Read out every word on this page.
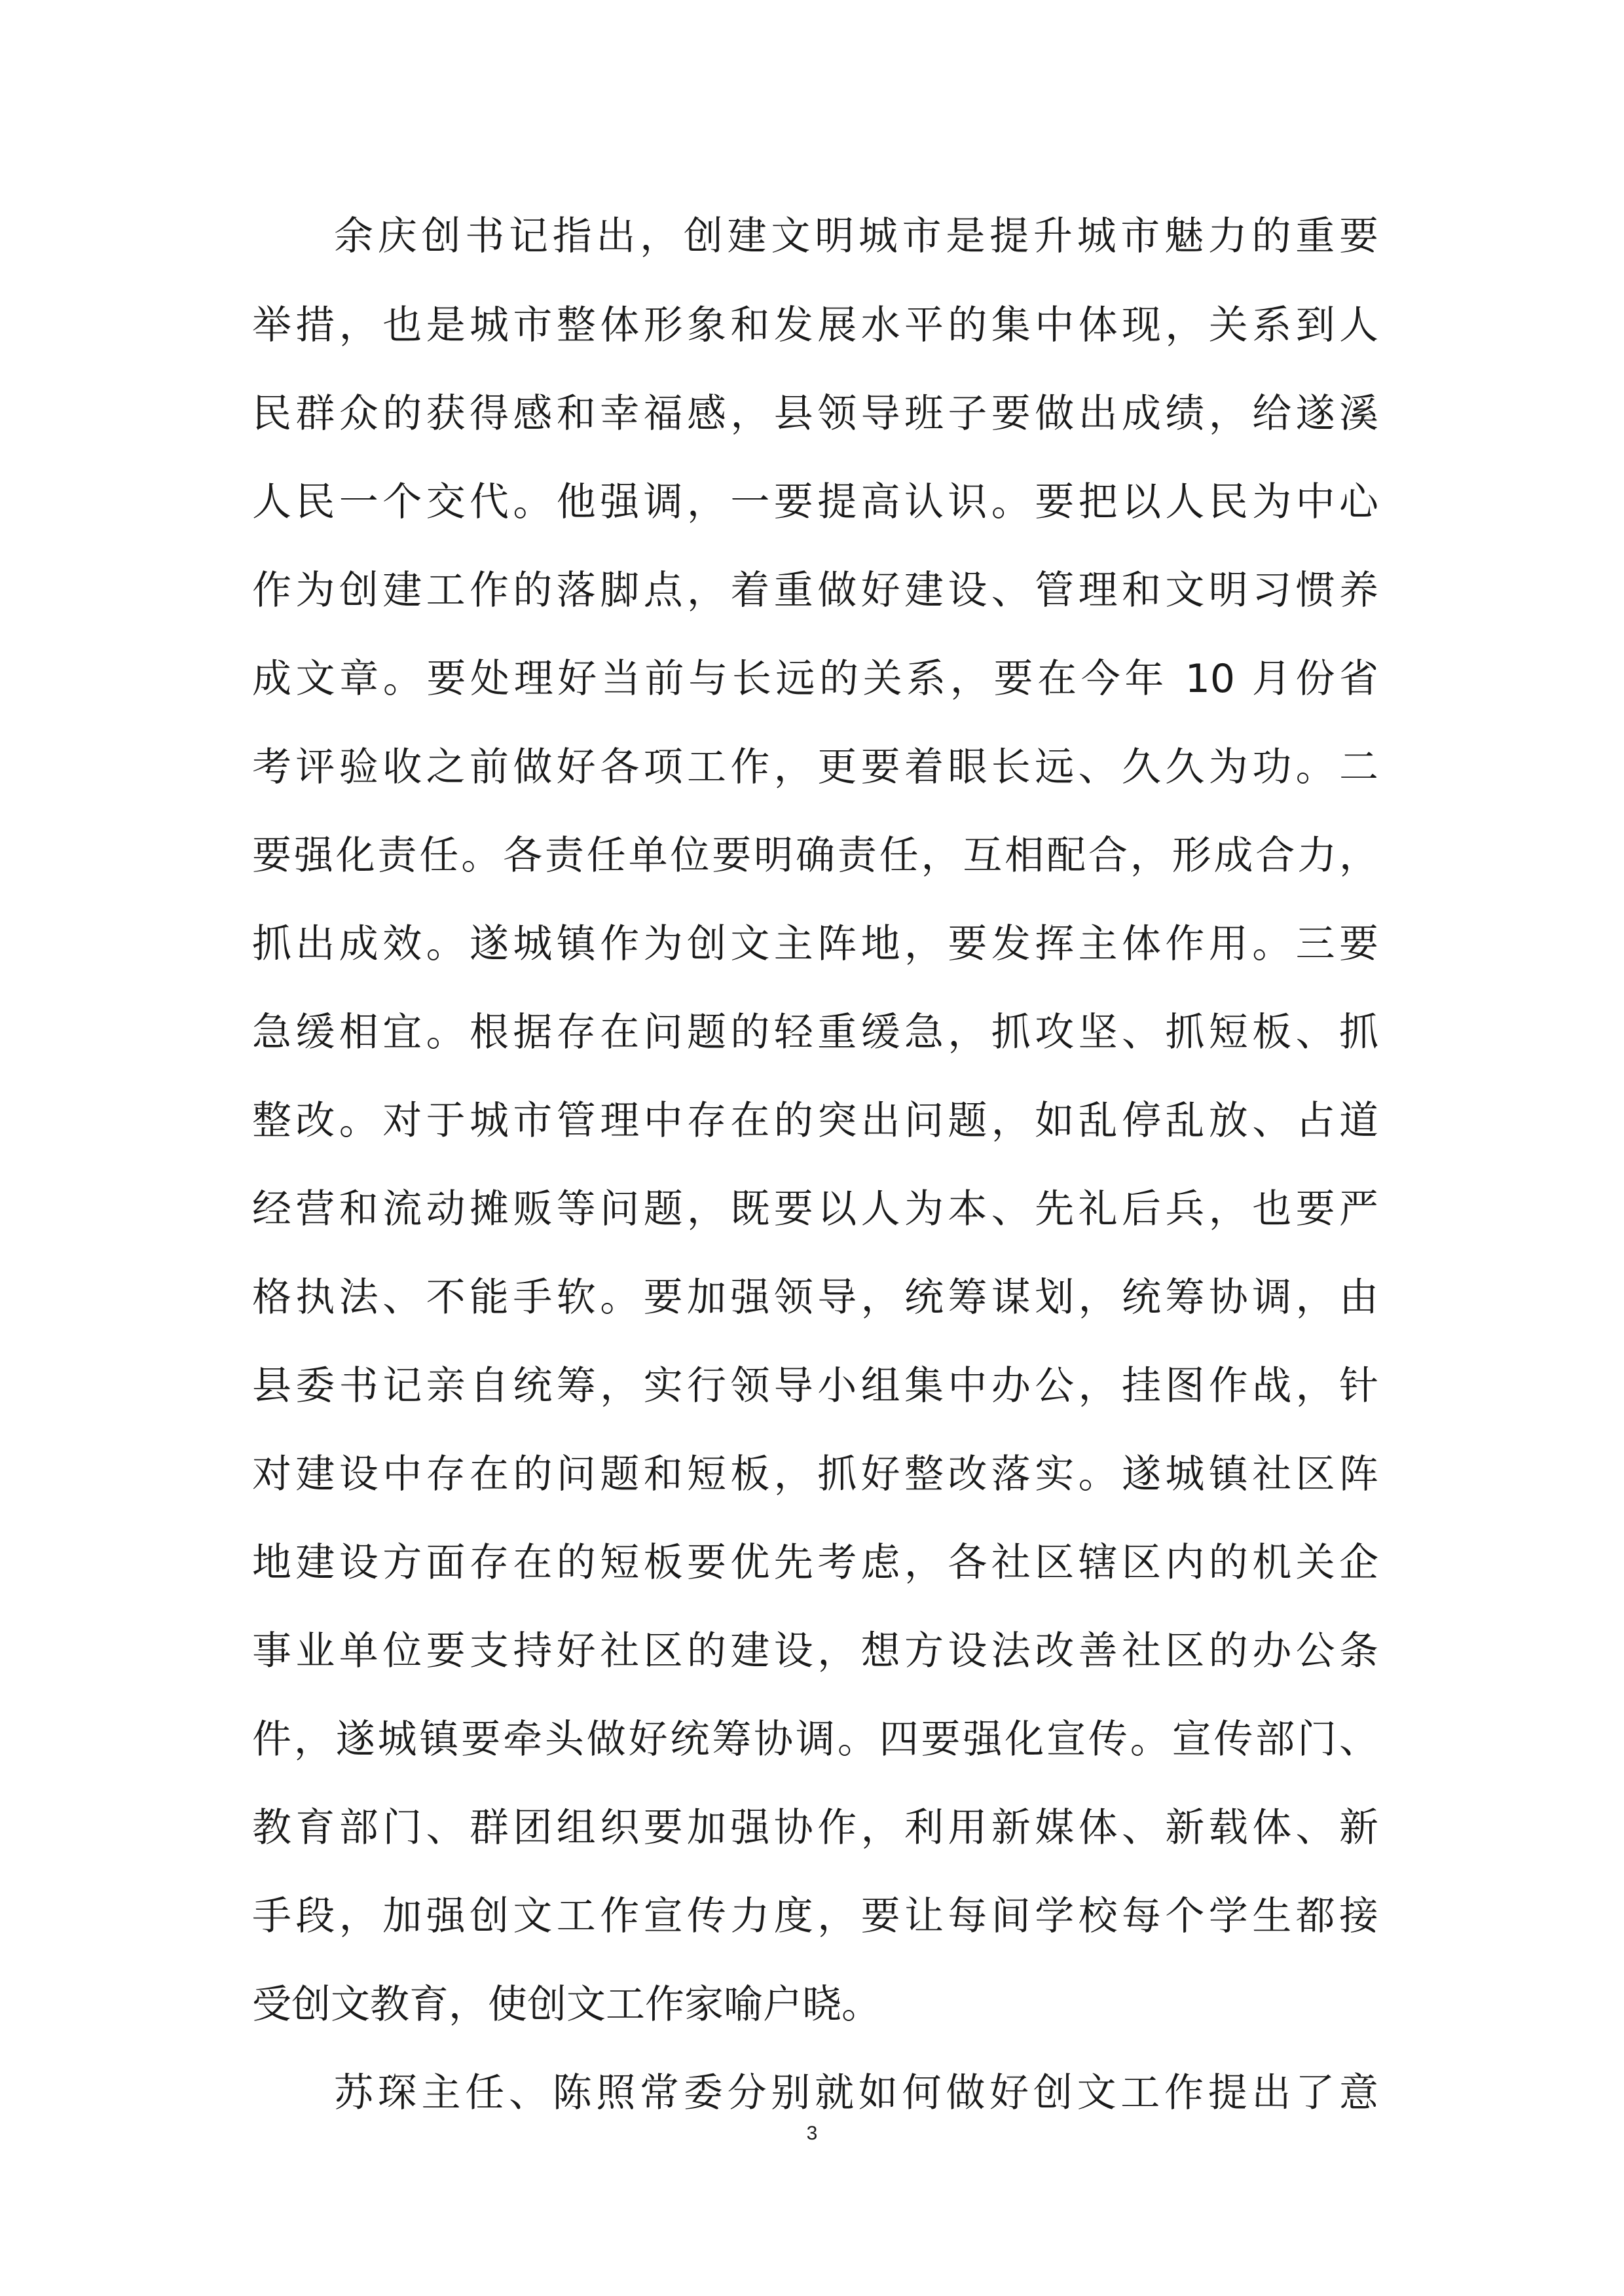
余庆创书记指出，创建文明城市是提升城市魅力的重要
举措，也是城市整体形象和发展水平的集中体现，关系到人
民群众的获得感和幸福感，县领导班子要做出成绩，给遂溪
人民一个交代。他强调，一要提高认识。要把以人民为中心
作为创建工作的落脚点，着重做好建设、管理和文明习惯养
成文章。要处理好当前与长远的关系，要在今年 10 月份省
考评验收之前做好各项工作，更要着眼长远、久久为功。二
要强化责任。各责任单位要明确责任，互相配合，形成合力，
抓出成效。遂城镇作为创文主阵地，要发挥主体作用。三要
急缓相宜。根据存在问题的轻重缓急，抓攻坚、抓短板、抓
整改。对于城市管理中存在的突出问题，如乱停乱放、占道
经营和流动摊贩等问题，既要以人为本、先礼后兵，也要严
格执法、不能手软。要加强领导，统筹谋划，统筹协调，由
县委书记亲自统筹，实行领导小组集中办公，挂图作战，针
对建设中存在的问题和短板，抓好整改落实。遂城镇社区阵
地建设方面存在的短板要优先考虑，各社区辖区内的机关企
事业单位要支持好社区的建设，想方设法改善社区的办公条
件，遂城镇要牵头做好统筹协调。四要强化宣传。宣传部门、
教育部门、群团组织要加强协作，利用新媒体、新载体、新
手段，加强创文工作宣传力度，要让每间学校每个学生都接
受创文教育，使创文工作家喻户晓。
苏琛主任、陈照常委分别就如何做好创文工作提出了意
3
